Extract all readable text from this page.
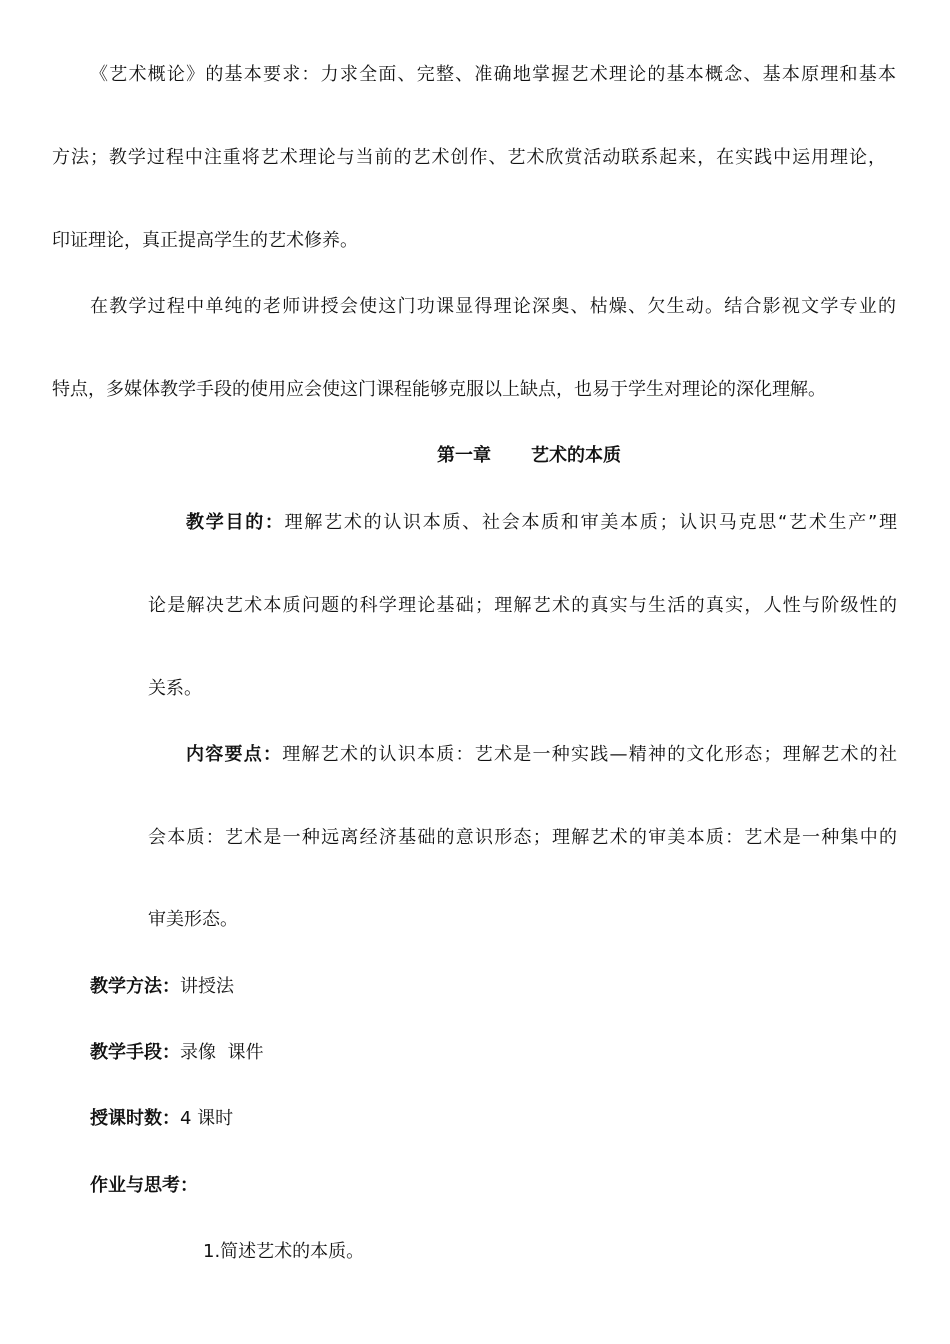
《艺术概论》的基本要求：力求全面、完整、准确地掌握艺术理论的基本概念、基本原理和基本
方法；教学过程中注重将艺术理论与当前的艺术创作、艺术欣赏活动联系起来，在实践中运用理论，
印证理论，真正提高学生的艺术修养。
在教学过程中单纯的老师讲授会使这门功课显得理论深奥、枯燥、欠生动。结合影视文学专业的
特点，多媒体教学手段的使用应会使这门课程能够克服以上缺点，也易于学生对理论的深化理解。
第一章 艺术的本质
教学目的：理解艺术的认识本质、社会本质和审美本质；认识马克思“艺术生产”理
论是解决艺术本质问题的科学理论基础；理解艺术的真实与生活的真实，人性与阶级性的
关系。
内容要点：理解艺术的认识本质：艺术是一种实践—精神的文化形态；理解艺术的社
会本质：艺术是一种远离经济基础的意识形态；理解艺术的审美本质：艺术是一种集中的
审美形态。
教学方法：讲授法
教学手段：录像  课件
授课时数：4 课时
作业与思考：
1.简述艺术的本质。
